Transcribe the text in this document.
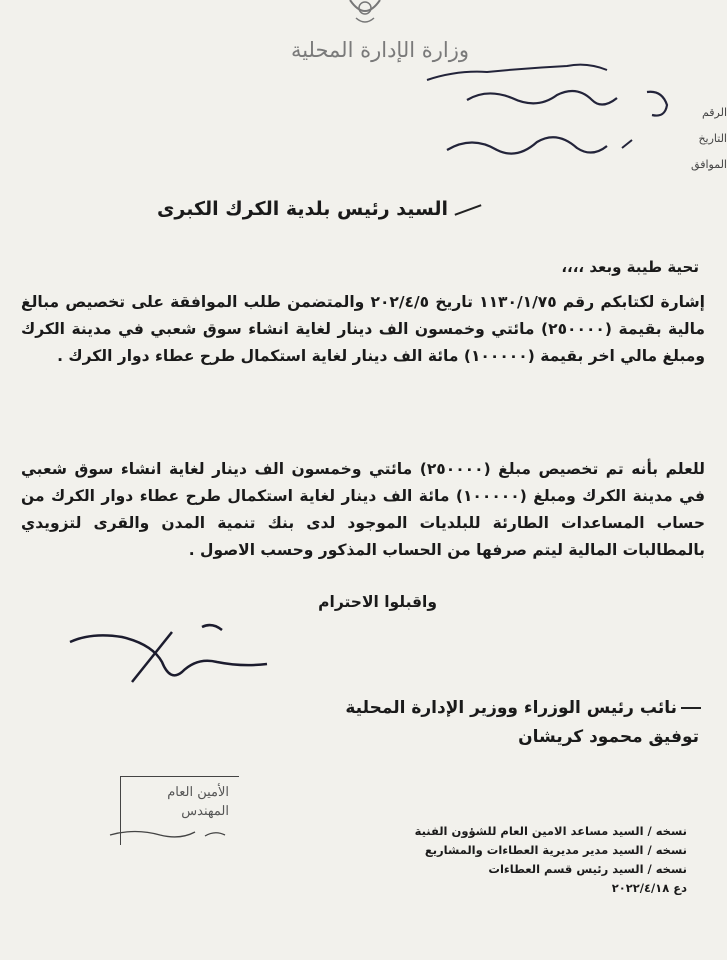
وزارة الإدارة المحلية
الرقم
التاريخ
الموافق
السيد رئيس بلدية الكرك الكبرى
تحية طيبة وبعد ،،،،
إشارة لكتابكم رقم ١١٣٠/١/٧٥ تاريخ ٢٠٢/٤/٥ والمتضمن طلب الموافقة على تخصيص مبالغ مالية بقيمة (٢٥٠٠٠٠) مائتي وخمسون الف دينار لغاية انشاء سوق شعبي في مدينة الكرك ومبلغ مالي اخر بقيمة (١٠٠٠٠٠) مائة الف دينار لغاية استكمال طرح عطاء دوار الكرك .
للعلم بأنه تم تخصيص مبلغ (٢٥٠٠٠٠) مائتي وخمسون الف دينار لغاية انشاء سوق شعبي في مدينة الكرك ومبلغ (١٠٠٠٠٠) مائة الف دينار لغاية استكمال طرح عطاء دوار الكرك من حساب المساعدات الطارئة للبلديات الموجود لدى بنك تنمية المدن والقرى لتزويدي بالمطالبات المالية ليتم صرفها من الحساب المذكور وحسب الاصول .
واقبلوا الاحترام
نائب رئيس الوزراء ووزير الإدارة المحلية
توفيق محمود كريشان
الأمين العام
المهندس
نسخه / السيد مساعد الامين العام للشؤون الفنية
نسخه / السيد مدير مديرية العطاءات والمشاريع
نسخه / السيد رئيس قسم العطاءات
دع ٢٠٢٢/٤/١٨
